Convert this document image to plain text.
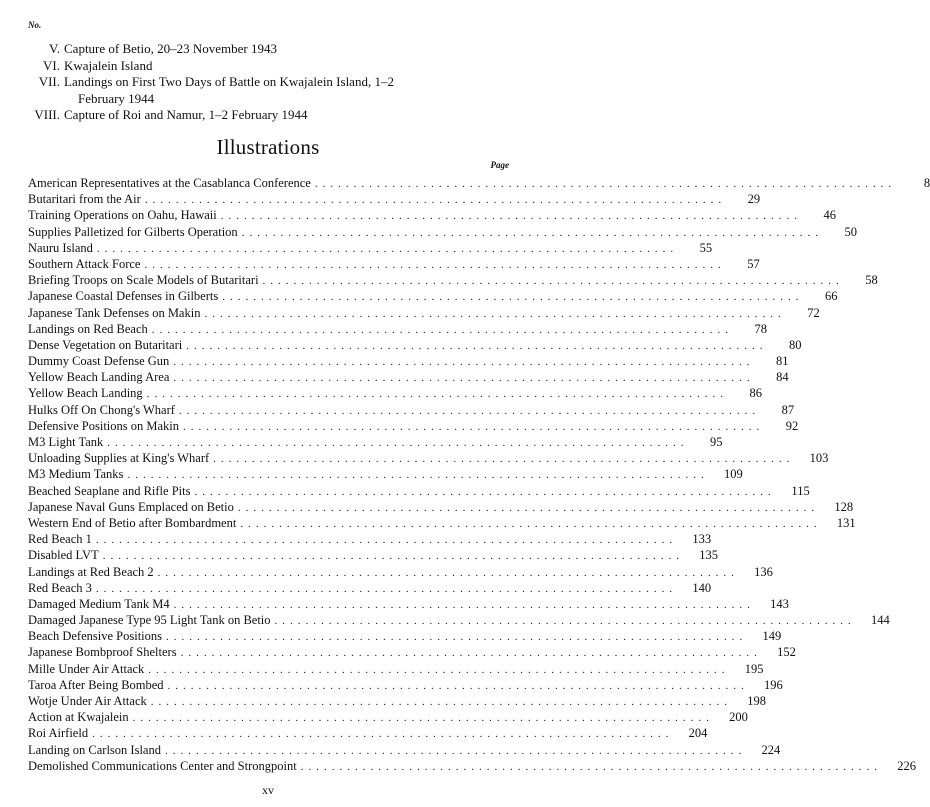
No.
V. Capture of Betio, 20–23 November 1943
VI. Kwajalein Island
VII. Landings on First Two Days of Battle on Kwajalein Island, 1–2
February 1944
VIII. Capture of Roi and Namur, 1–2 February 1944
Illustrations
Page
American Representatives at the Casablanca Conference ...........................................................................	8
Butaritari from the Air ...........................................................................	29
Training Operations on Oahu, Hawaii ...........................................................................	46
Supplies Palletized for Gilberts Operation ...........................................................................	50
Nauru Island ...........................................................................	55
Southern Attack Force ...........................................................................	57
Briefing Troops on Scale Models of Butaritari ...........................................................................	58
Japanese Coastal Defenses in Gilberts ...........................................................................	66
Japanese Tank Defenses on Makin ...........................................................................	72
Landings on Red Beach ...........................................................................	78
Dense Vegetation on Butaritari ...........................................................................	80
Dummy Coast Defense Gun ...........................................................................	81
Yellow Beach Landing Area ...........................................................................	84
Yellow Beach Landing ...........................................................................	86
Hulks Off On Chong's Wharf ...........................................................................	87
Defensive Positions on Makin ...........................................................................	92
M3 Light Tank ...........................................................................	95
Unloading Supplies at King's Wharf ...........................................................................	103
M3 Medium Tanks ...........................................................................	109
Beached Seaplane and Rifle Pits ...........................................................................	115
Japanese Naval Guns Emplaced on Betio ...........................................................................	128
Western End of Betio after Bombardment ...........................................................................	131
Red Beach 1 ...........................................................................	133
Disabled LVT ...........................................................................	135
Landings at Red Beach 2 ...........................................................................	136
Red Beach 3 ...........................................................................	140
Damaged Medium Tank M4 ...........................................................................	143
Damaged Japanese Type 95 Light Tank on Betio ...........................................................................	144
Beach Defensive Positions ...........................................................................	149
Japanese Bombproof Shelters ...........................................................................	152
Mille Under Air Attack ...........................................................................	195
Taroa After Being Bombed ...........................................................................	196
Wotje Under Air Attack ...........................................................................	198
Action at Kwajalein ...........................................................................	200
Roi Airfield ...........................................................................	204
Landing on Carlson Island ...........................................................................	224
Demolished Communications Center and Strongpoint ...........................................................................	226
xv
